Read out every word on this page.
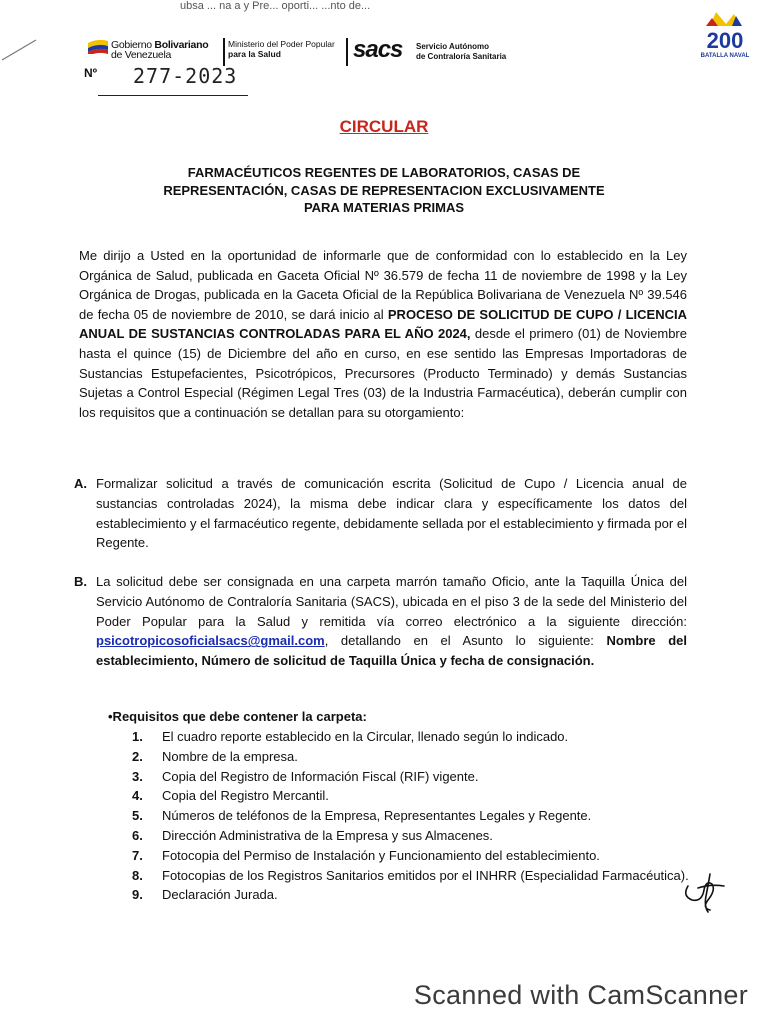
ubsa ... na a y Pre... oporti... ...nto de...
Gobierno Bolivariano
de Venezuela
Ministerio del Poder Popular
para la Salud	sacs Servicio Autónomo
de Contraloría Sanitaria
200
BATALLA NAVAL
Nº 277-2023
CIRCULAR
FARMACÉUTICOS REGENTES DE LABORATORIOS, CASAS DE
REPRESENTACIÓN, CASAS DE REPRESENTACION EXCLUSIVAMENTE
PARA MATERIAS PRIMAS
Me dirijo a Usted en la oportunidad de informarle que de conformidad con lo establecido en la Ley Orgánica de Salud, publicada en Gaceta Oficial Nº 36.579 de fecha 11 de noviembre de 1998 y la Ley Orgánica de Drogas, publicada en la Gaceta Oficial de la República Bolivariana de Venezuela Nº 39.546 de fecha 05 de noviembre de 2010, se dará inicio al PROCESO DE SOLICITUD DE CUPO / LICENCIA ANUAL DE SUSTANCIAS CONTROLADAS PARA EL AÑO 2024, desde el primero (01) de Noviembre hasta el quince (15) de Diciembre del año en curso, en ese sentido las Empresas Importadoras de Sustancias Estupefacientes, Psicotrópicos, Precursores (Producto Terminado) y demás Sustancias Sujetas a Control Especial (Régimen Legal Tres (03) de la Industria Farmacéutica), deberán cumplir con los requisitos que a continuación se detallan para su otorgamiento:
A. Formalizar solicitud a través de comunicación escrita (Solicitud de Cupo / Licencia anual de sustancias controladas 2024), la misma debe indicar clara y específicamente los datos del establecimiento y el farmacéutico regente, debidamente sellada por el establecimiento y firmada por el Regente.
B. La solicitud debe ser consignada en una carpeta marrón tamaño Oficio, ante la Taquilla Única del Servicio Autónomo de Contraloría Sanitaria (SACS), ubicada en el piso 3 de la sede del Ministerio del Poder Popular para la Salud y remitida vía correo electrónico a la siguiente dirección: psicotropicosoficialsacs@gmail.com, detallando en el Asunto lo siguiente: Nombre del establecimiento, Número de solicitud de Taquilla Única y fecha de consignación.
•Requisitos que debe contener la carpeta:
1. El cuadro reporte establecido en la Circular, llenado según lo indicado.
2. Nombre de la empresa.
3. Copia del Registro de Información Fiscal (RIF) vigente.
4. Copia del Registro Mercantil.
5. Números de teléfonos de la Empresa, Representantes Legales y Regente.
6. Dirección Administrativa de la Empresa y sus Almacenes.
7. Fotocopia del Permiso de Instalación y Funcionamiento del establecimiento.
8. Fotocopias de los Registros Sanitarios emitidos por el INHRR (Especialidad Farmacéutica).
9. Declaración Jurada.
Scanned with CamScanner
